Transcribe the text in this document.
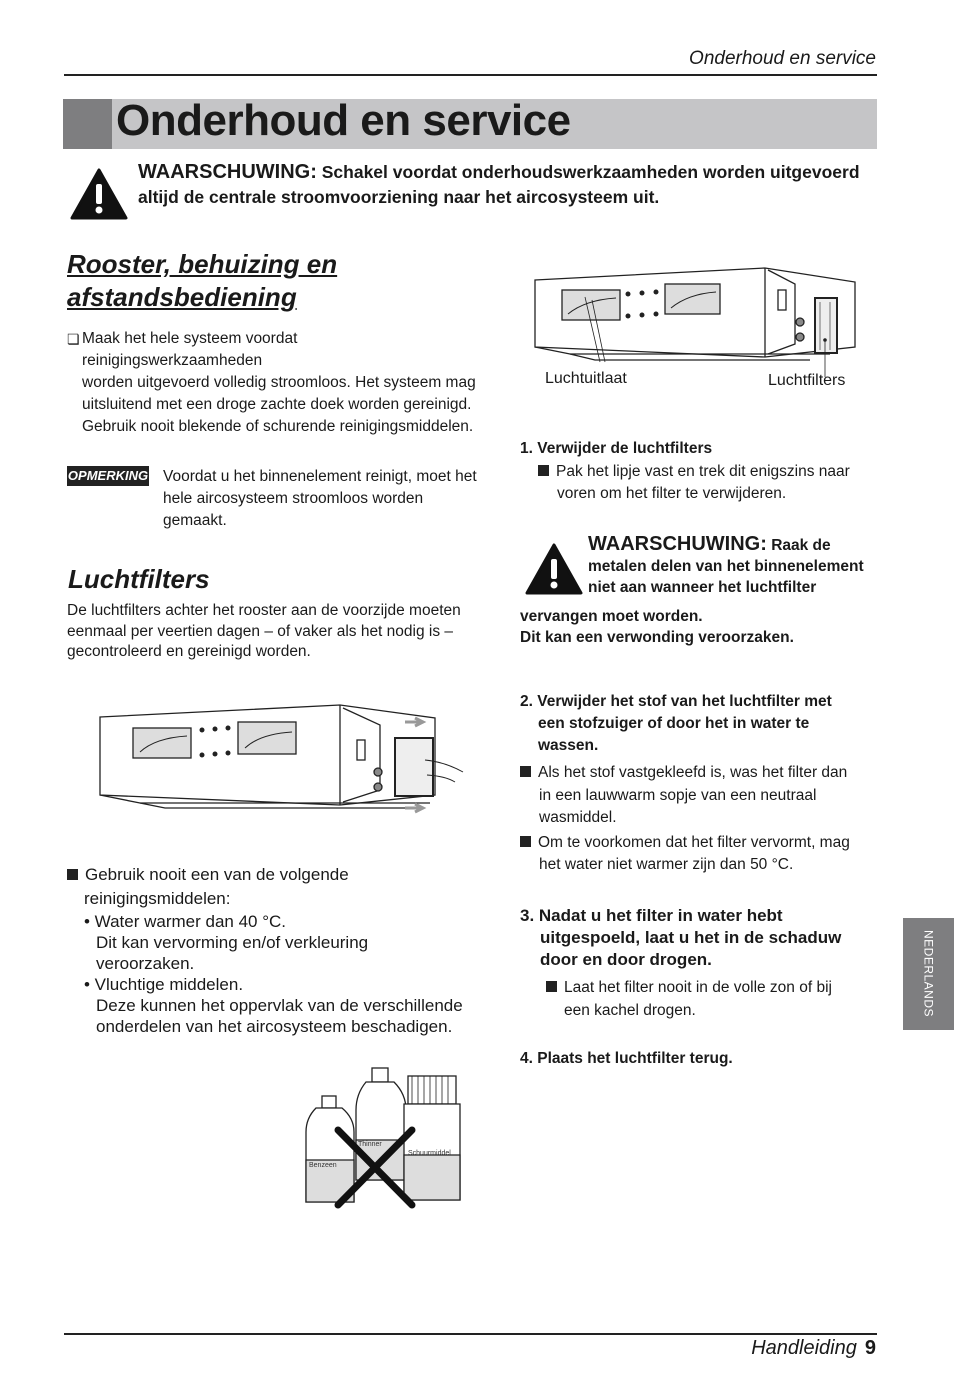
Onderhoud en service
Onderhoud en service
WAARSCHUWING: Schakel voordat onderhoudswerkzaamheden worden uitgevoerd altijd de centrale stroomvoorziening naar het aircosysteem uit.
Rooster, behuizing en
afstandsbediening
❏ Maak het hele systeem voordat
reinigingswerkzaamheden
worden uitgevoerd volledig stroomloos. Het systeem mag
uitsluitend met een droge zachte doek worden gereinigd.
Gebruik nooit blekende of schurende reinigingsmiddelen.
OPMERKING Voordat u het binnenelement reinigt, moet het
hele aircosysteem stroomloos worden
gemaakt.
Luchtfilters
De luchtfilters achter het rooster aan de voorzijde moeten
eenmaal per veertien dagen – of vaker als het nodig is –
gecontroleerd en gereinigd worden.
Gebruik nooit een van de volgende
reinigingsmiddelen:
• Water warmer dan 40 °C.
Dit kan vervorming en/of verkleuring
veroorzaken.
• Vluchtige middelen.
Deze kunnen het oppervlak van de verschillende
onderdelen van het aircosysteem beschadigen.
Benzeen
Thinner
Schuurmiddel
Luchtuitlaat	Luchtfilters
1. Verwijder de luchtfilters
Pak het lipje vast en trek dit enigszins naar
voren om het filter te verwijderen.
WAARSCHUWING: Raak de
metalen delen van het binnenelement
niet aan wanneer het luchtfilter
vervangen moet worden.
Dit kan een verwonding veroorzaken.
2. Verwijder het stof van het luchtfilter met
een stofzuiger of door het in water te
wassen.
Als het stof vastgekleefd is, was het filter dan
in een lauwwarm sopje van een neutraal
wasmiddel.
Om te voorkomen dat het filter vervormt, mag
het water niet warmer zijn dan 50 °C.
3. Nadat u het filter in water hebt
uitgespoeld, laat u het in de schaduw
door en door drogen.
Laat het filter nooit in de volle zon of bij
een kachel drogen.
4. Plaats het luchtfilter terug.
NEDERLANDS
Handleiding 9
